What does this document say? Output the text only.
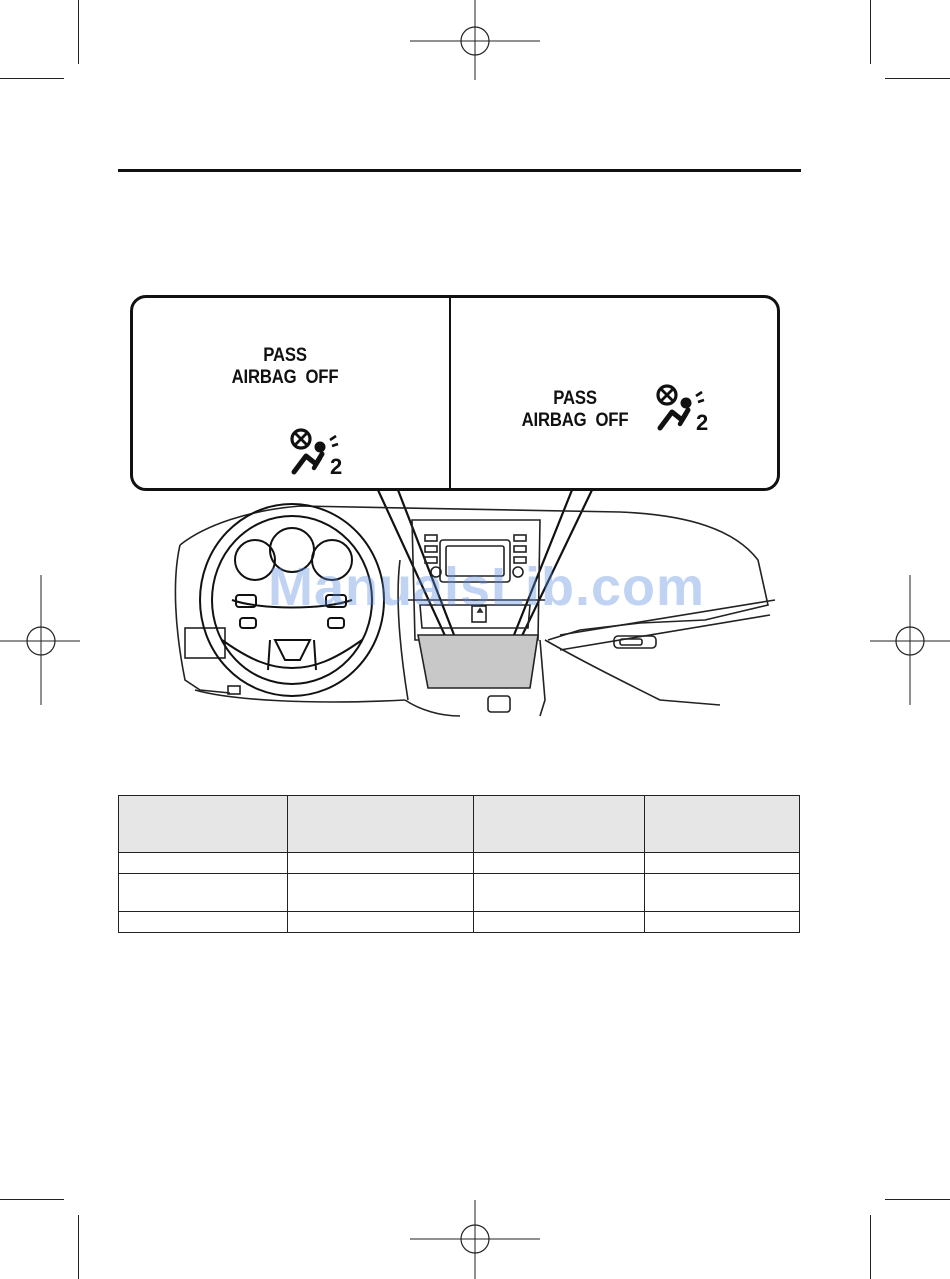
PASS
AIRBAG  OFF
2
PASS
AIRBAG  OFF	2
ManualsLib.com
